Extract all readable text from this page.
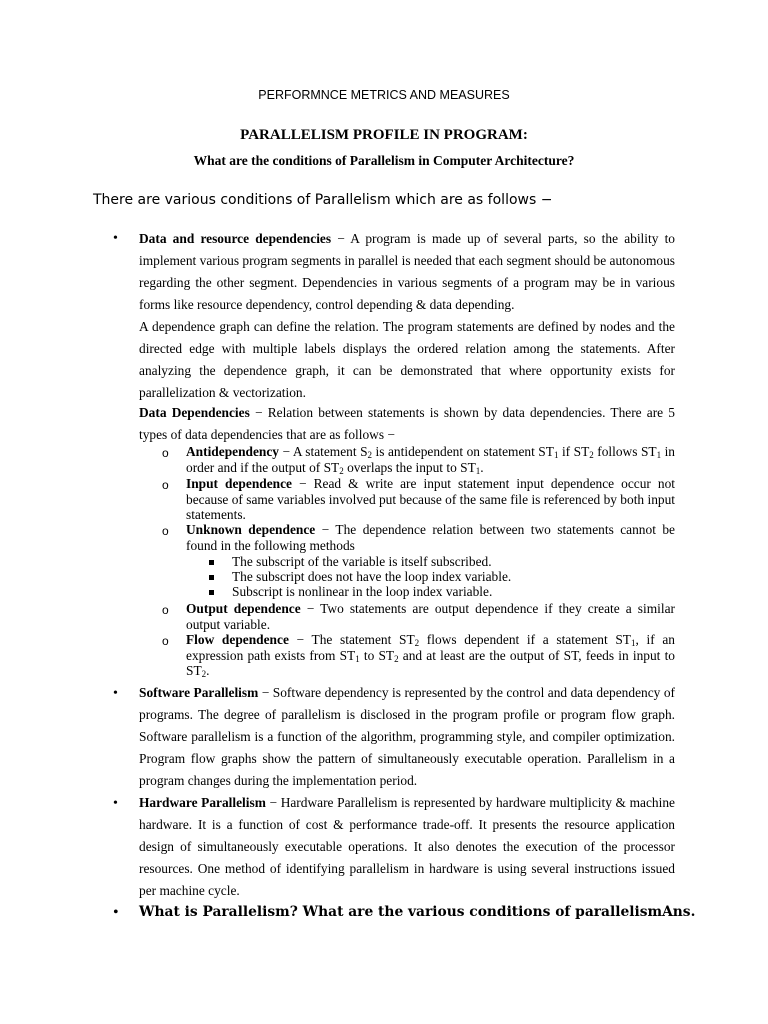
PERFORMNCE METRICS AND MEASURES
PARALLELISM PROFILE IN PROGRAM:
What are the conditions of Parallelism in Computer Architecture?
There are various conditions of Parallelism which are as follows −
• Data and resource dependencies − A program is made up of several parts, so the ability to implement various program segments in parallel is needed that each segment should be autonomous regarding the other segment. Dependencies in various segments of a program may be in various forms like resource dependency, control depending & data depending.
A dependence graph can define the relation. The program statements are defined by nodes and the directed edge with multiple labels displays the ordered relation among the statements. After analyzing the dependence graph, it can be demonstrated that where opportunity exists for parallelization & vectorization.
Data Dependencies − Relation between statements is shown by data dependencies. There are 5 types of data dependencies that are as follows −
o Antidependency − A statement $S_2$ is antidependent on statement $ST_1$ if $ST_2$ follows $ST_1$ in order and if the output of $ST_2$ overlaps the input to $ST_1$.
o Input dependence − Read & write are input statement input dependence occur not because of same variables involved put because of the same file is referenced by both input statements.
o Unknown dependence − The dependence relation between two statements cannot be found in the following methods
The subscript of the variable is itself subscribed.
The subscript does not have the loop index variable.
Subscript is nonlinear in the loop index variable.
o Output dependence − Two statements are output dependence if they create a similar output variable.
o Flow dependence − The statement $ST_2$ flows dependent if a statement $ST_1$, if an expression path exists from $ST_1$ to $ST_2$ and at least are the output of ST, feeds in input to $ST_2$.
• Software Parallelism − Software dependency is represented by the control and data dependency of programs. The degree of parallelism is disclosed in the program profile or program flow graph. Software parallelism is a function of the algorithm, programming style, and compiler optimization. Program flow graphs show the pattern of simultaneously executable operation. Parallelism in a program changes during the implementation period.
• Hardware Parallelism − Hardware Parallelism is represented by hardware multiplicity & machine hardware. It is a function of cost & performance trade-off. It presents the resource application design of simultaneously executable operations. It also denotes the execution of the processor resources. One method of identifying parallelism in hardware is using several instructions issued per machine cycle.
• What is Parallelism? What are the various conditions of parallelismAns.
